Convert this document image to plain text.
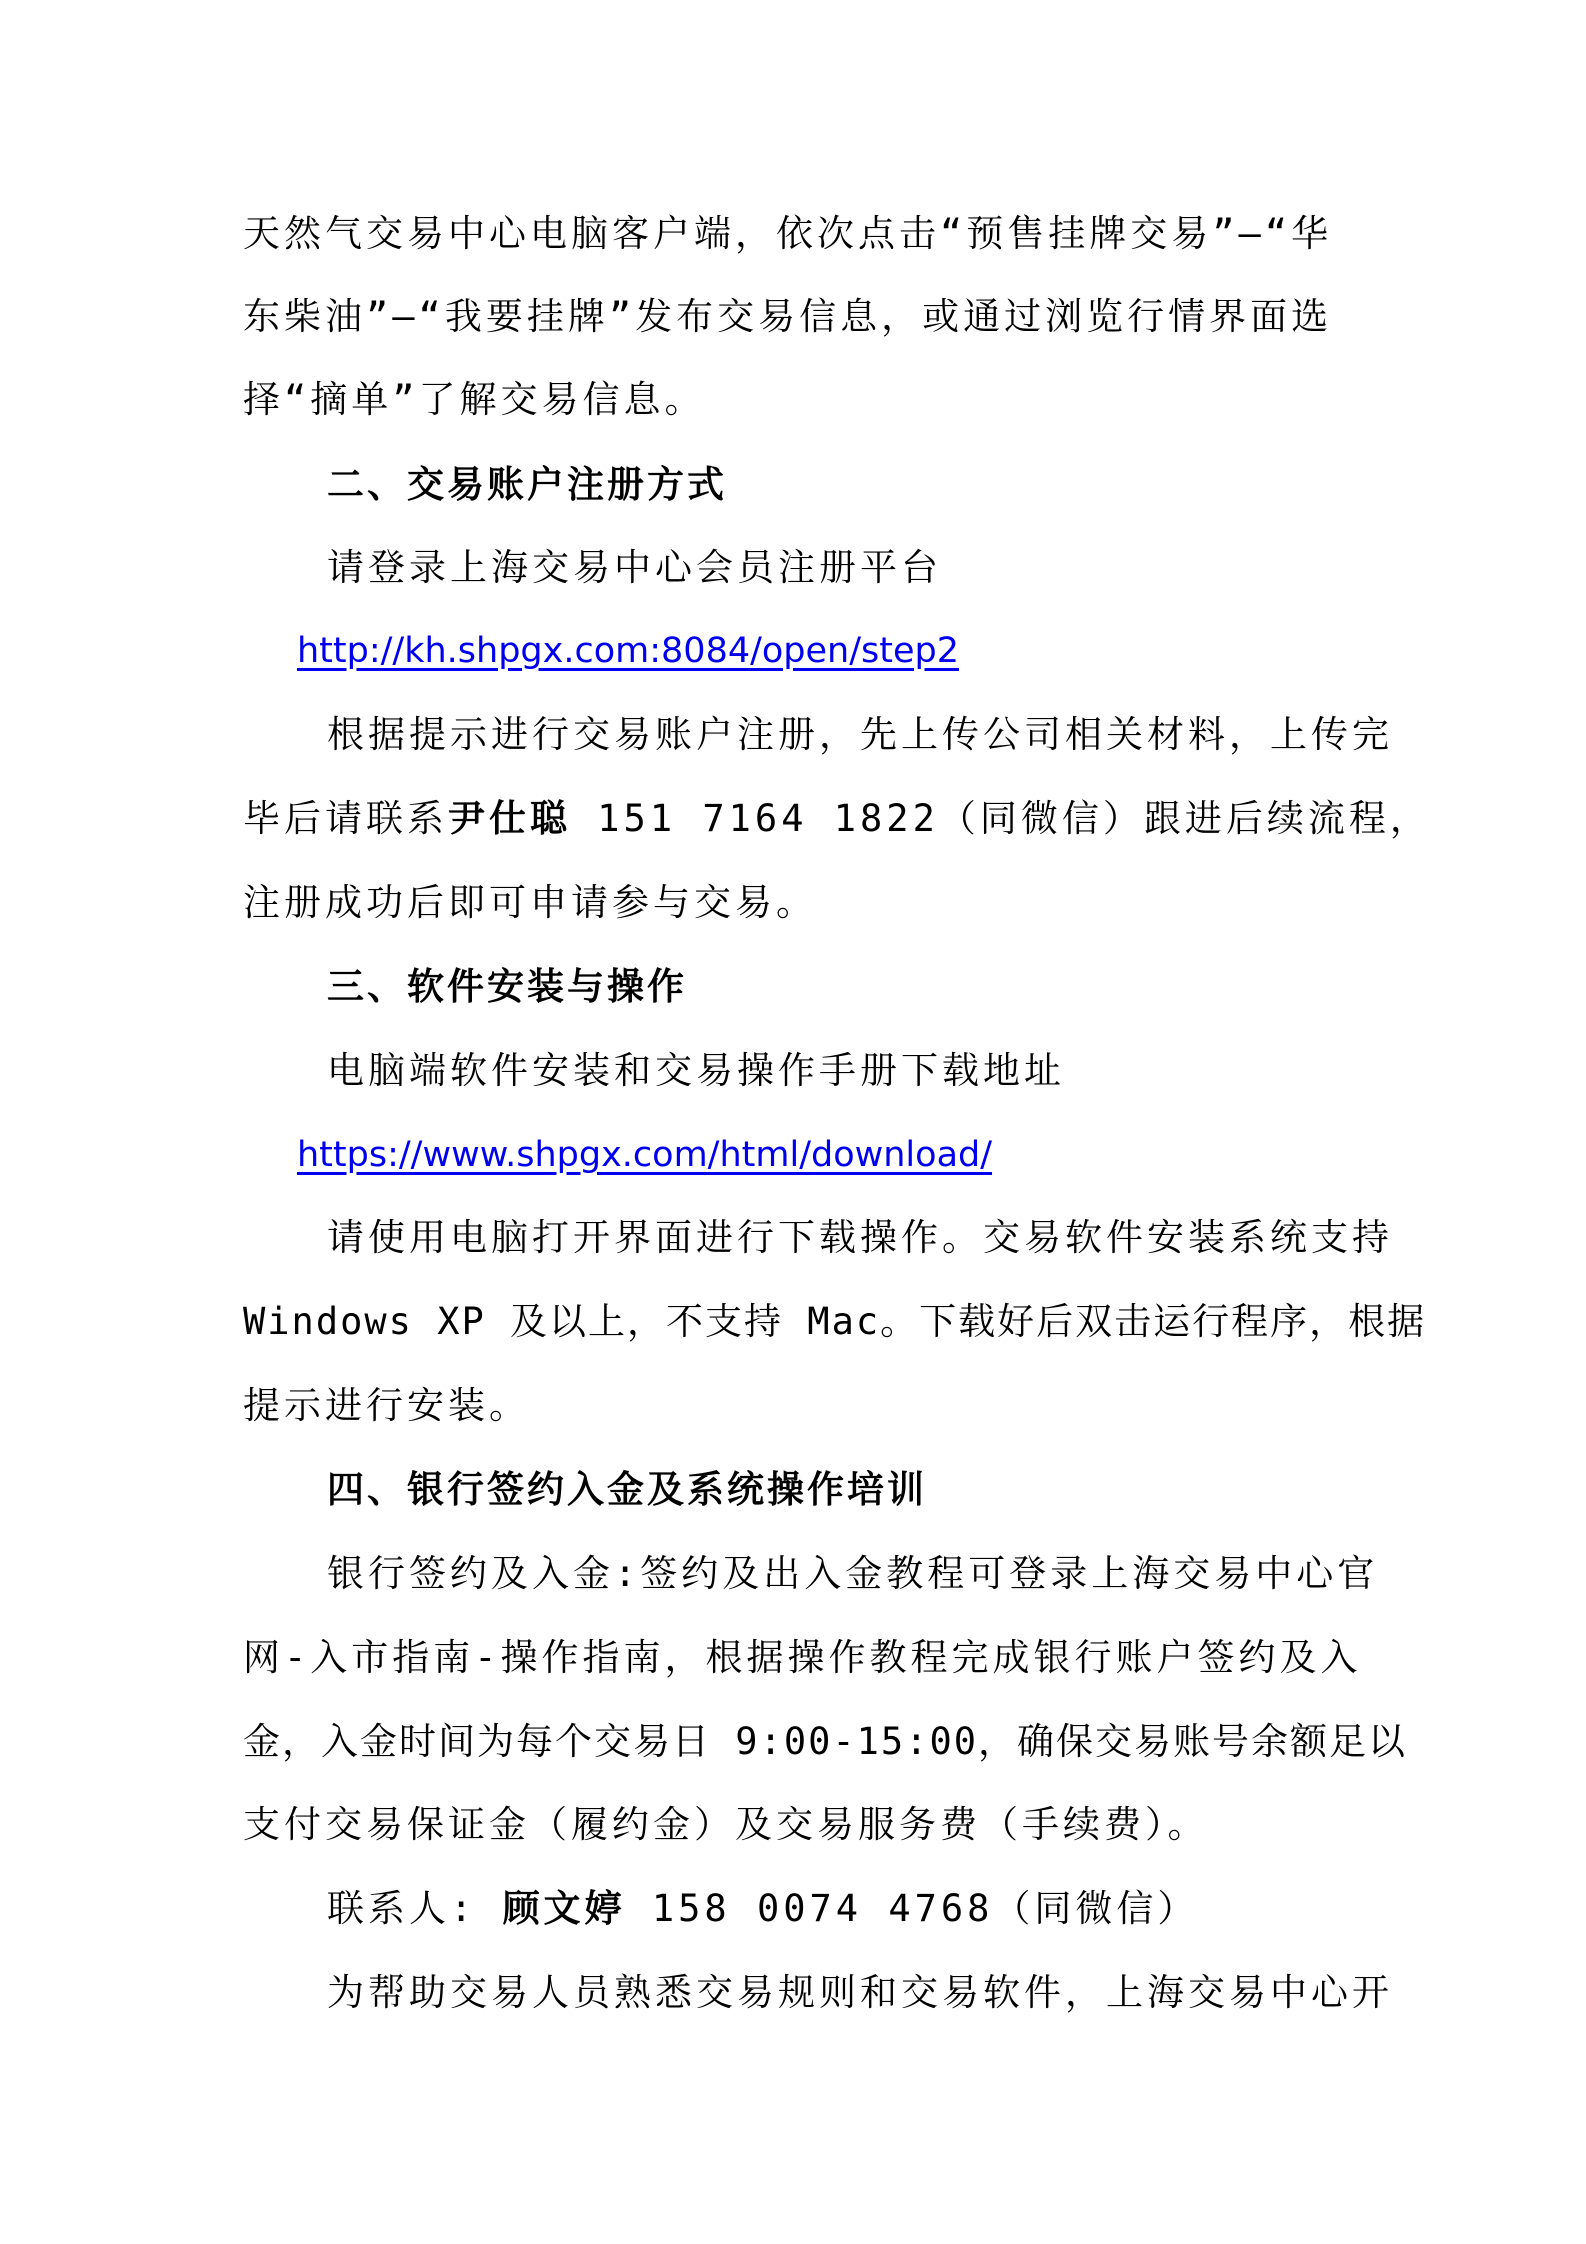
天然气交易中心电脑客户端，依次点击“预售挂牌交易”—“华
东柴油”—“我要挂牌”发布交易信息，或通过浏览行情界面选
择“摘单”了解交易信息。
二、交易账户注册方式
请登录上海交易中心会员注册平台
http://kh.shpgx.com:8084/open/step2
根据提示进行交易账户注册，先上传公司相关材料，上传完
毕后请联系尹仕聪 151 7164 1822（同微信）跟进后续流程，
注册成功后即可申请参与交易。
三、软件安装与操作
电脑端软件安装和交易操作手册下载地址
https://www.shpgx.com/html/download/
请使用电脑打开界面进行下载操作。交易软件安装系统支持
Windows XP 及以上，不支持 Mac。下载好后双击运行程序，根据
提示进行安装。
四、银行签约入金及系统操作培训
银行签约及入金:签约及出入金教程可登录上海交易中心官
网-入市指南-操作指南，根据操作教程完成银行账户签约及入
金，入金时间为每个交易日 9:00-15:00，确保交易账号余额足以
支付交易保证金（履约金）及交易服务费（手续费）。
联系人: 顾文婷 158 0074 4768（同微信）
为帮助交易人员熟悉交易规则和交易软件，上海交易中心开
